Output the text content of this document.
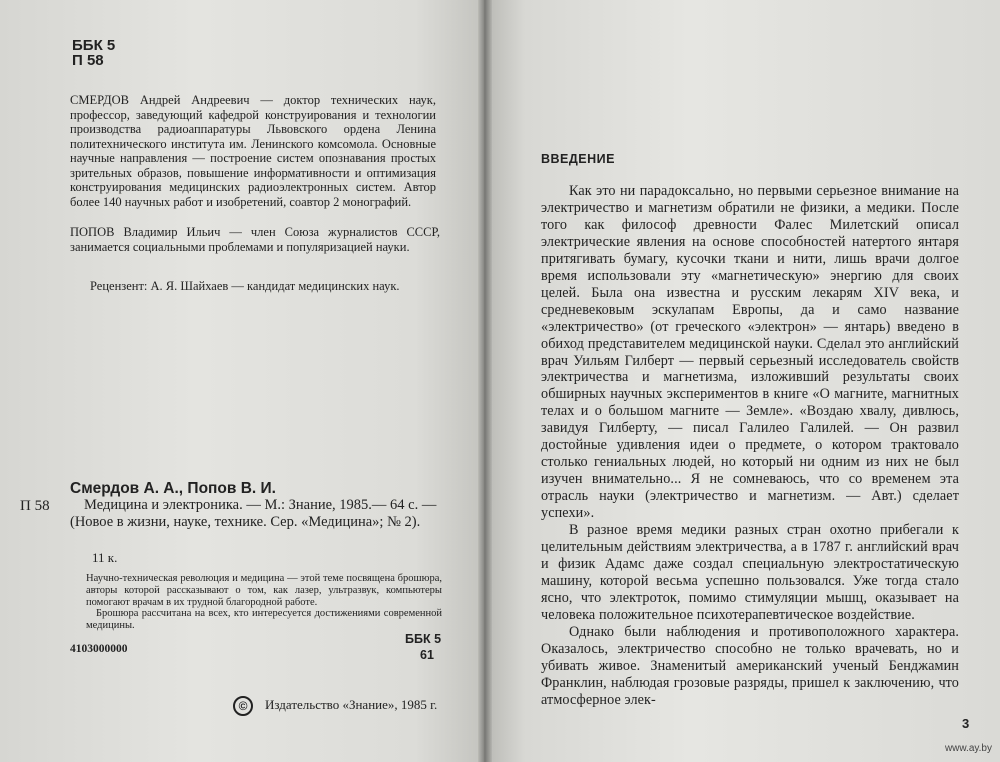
ББК 5
П 58
СМЕРДОВ Андрей Андреевич — доктор технических наук, профессор, заведующий кафедрой конструирования и технологии производства радиоаппаратуры Львовского ордена Ленина политехнического института им. Ленинского комсомола. Основные научные направления — построение систем опознавания простых зрительных образов, повышение информативности и оптимизация конструирования медицинских радиоэлектронных систем. Автор более 140 научных работ и изобретений, соавтор 2 монографий.
ПОПОВ Владимир Ильич — член Союза журналистов СССР, занимается социальными проблемами и популяризацией науки.
Рецензент: А. Я. Шайхаев — кандидат медицинских наук.
П 58
Смердов А. А., Попов В. И.
Медицина и электроника. — М.: Знание, 1985.— 64 с. — (Новое в жизни, науке, технике. Сер. «Медицина»; № 2).
11 к.
Научно-техническая революция и медицина — этой теме посвящена брошюра, авторы которой рассказывают о том, как лазер, ультразвук, компьютеры помогают врачам в их трудной благородной работе.
Брошюра рассчитана на всех, кто интересуется достижениями современной медицины.
4103000000
ББК 5
61
© Издательство «Знание», 1985 г.
ВВЕДЕНИЕ

Как это ни парадоксально, но первыми серьезное внимание на электричество и магнетизм обратили не физики, а медики. После того как философ древности Фалес Милетский описал электрические явления на основе способностей натертого янтаря притягивать бумагу, кусочки ткани и нити, лишь врачи долгое время использовали эту «магнетическую» энергию для своих целей. Была она известна и русским лекарям XIV века, и средневековым эскулапам Европы, да и само название «электричество» (от греческого «электрон» — янтарь) введено в обиход представителем медицинской науки. Сделал это английский врач Уильям Гилберт — первый серьезный исследователь свойств электричества и магнетизма, изложивший результаты своих обширных научных экспериментов в книге «О магните, магнитных телах и о большом магните — Земле». «Воздаю хвалу, дивлюсь, завидуя Гилберту, — писал Галилео Галилей. — Он развил достойные удивления идеи о предмете, о котором трактовало столько гениальных людей, но который ни одним из них не был изучен внимательно... Я не сомневаюсь, что со временем эта отрасль науки (электричество и магнетизм. — Авт.) сделает успехи».

В разное время медики разных стран охотно прибегали к целительным действиям электричества, а в 1787 г. английский врач и физик Адамс даже создал специальную электростатическую машину, которой весьма успешно пользовался. Уже тогда стало ясно, что электроток, помимо стимуляции мышц, оказывает на человека положительное психотерапевтическое воздействие.

Однако были наблюдения и противоположного характера. Оказалось, электричество способно не только врачевать, но и убивать живое. Знаменитый американский ученый Бенджамин Франклин, наблюдая грозовые разряды, пришел к заключению, что атмосферное элек-

3
www.ay.by
